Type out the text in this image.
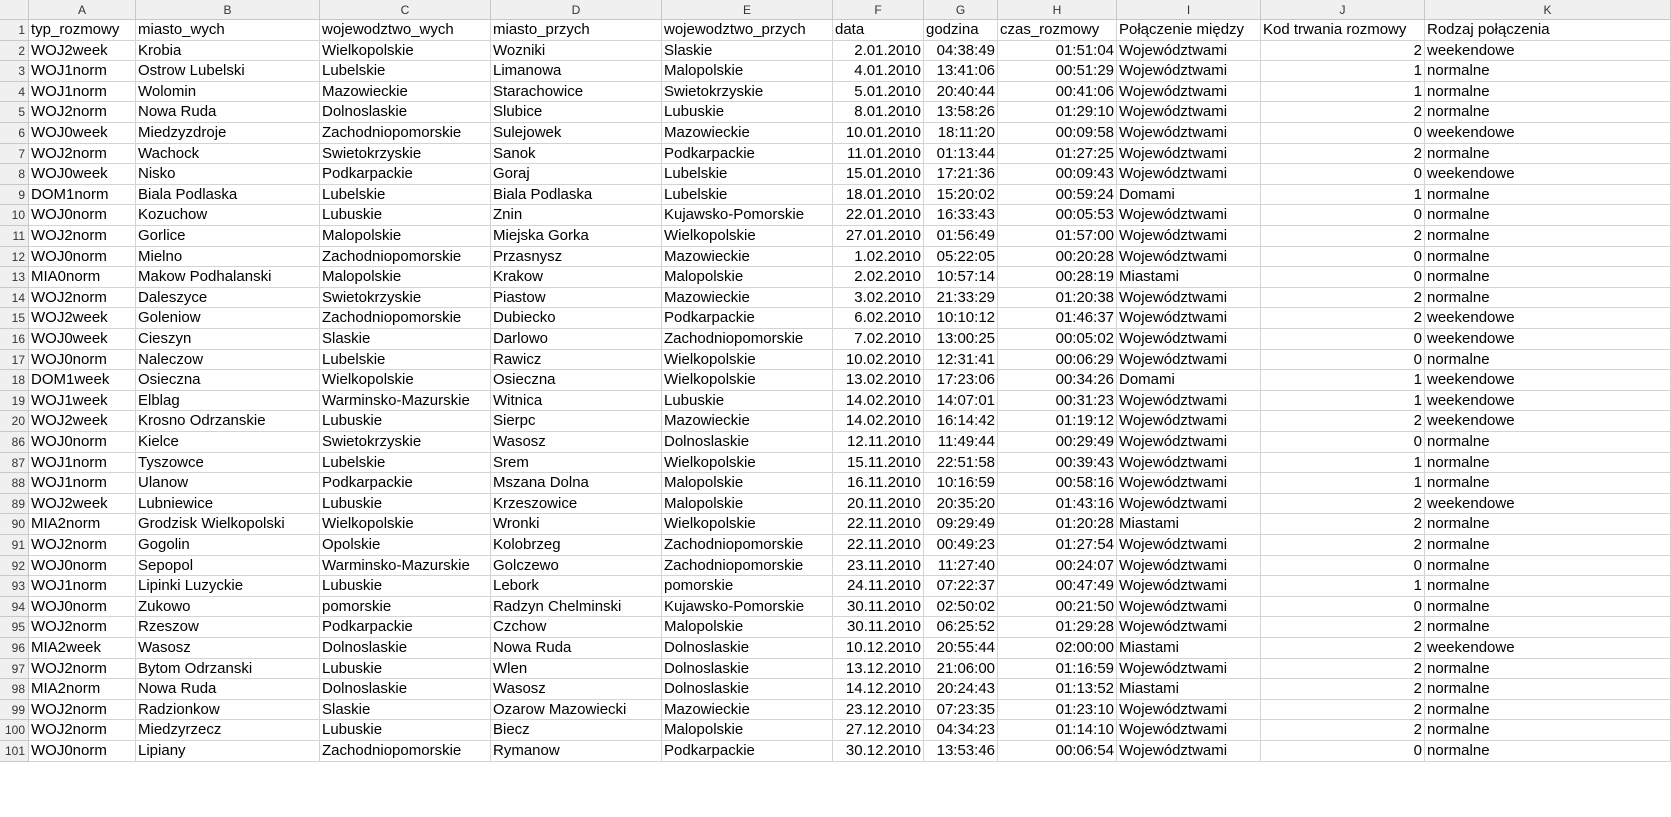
A	B	C	D	E	F	G	H	I	J	K
1 typ_rozmowy	miasto_wych	wojewodztwo_wych	miasto_przych	wojewodztwo_przych	data	godzina	czas_rozmowy	Połączenie między	Kod trwania rozmowy	Rodzaj połączenia
2 WOJ2week	Krobia	Wielkopolskie	Wozniki	Slaskie	2.01.2010	04:38:49	01:51:04 Województwami	2 weekendowe
3 WOJ1norm	Ostrow Lubelski	Lubelskie	Limanowa	Malopolskie	4.01.2010	13:41:06	00:51:29 Województwami	1 normalne
4 WOJ1norm	Wolomin	Mazowieckie	Starachowice	Swietokrzyskie	5.01.2010	20:40:44	00:41:06 Województwami	1 normalne
5 WOJ2norm	Nowa Ruda	Dolnoslaskie	Slubice	Lubuskie	8.01.2010	13:58:26	01:29:10 Województwami	2 normalne
6 WOJ0week	Miedzyzdroje	Zachodniopomorskie	Sulejowek	Mazowieckie	10.01.2010	18:11:20	00:09:58 Województwami	0 weekendowe
7 WOJ2norm	Wachock	Swietokrzyskie	Sanok	Podkarpackie	11.01.2010	01:13:44	01:27:25 Województwami	2 normalne
8 WOJ0week	Nisko	Podkarpackie	Goraj	Lubelskie	15.01.2010	17:21:36	00:09:43 Województwami	0 weekendowe
9 DOM1norm	Biala Podlaska	Lubelskie	Biala Podlaska	Lubelskie	18.01.2010	15:20:02	00:59:24 Domami	1 normalne
10 WOJ0norm	Kozuchow	Lubuskie	Znin	Kujawsko-Pomorskie	22.01.2010	16:33:43	00:05:53 Województwami	0 normalne
11 WOJ2norm	Gorlice	Malopolskie	Miejska Gorka	Wielkopolskie	27.01.2010	01:56:49	01:57:00 Województwami	2 normalne
12 WOJ0norm	Mielno	Zachodniopomorskie	Przasnysz	Mazowieckie	1.02.2010	05:22:05	00:20:28 Województwami	0 normalne
13 MIA0norm	Makow Podhalanski	Malopolskie	Krakow	Malopolskie	2.02.2010	10:57:14	00:28:19 Miastami	0 normalne
14 WOJ2norm	Daleszyce	Swietokrzyskie	Piastow	Mazowieckie	3.02.2010	21:33:29	01:20:38 Województwami	2 normalne
15 WOJ2week	Goleniow	Zachodniopomorskie	Dubiecko	Podkarpackie	6.02.2010	10:10:12	01:46:37 Województwami	2 weekendowe
16 WOJ0week	Cieszyn	Slaskie	Darlowo	Zachodniopomorskie	7.02.2010	13:00:25	00:05:02 Województwami	0 weekendowe
17 WOJ0norm	Naleczow	Lubelskie	Rawicz	Wielkopolskie	10.02.2010	12:31:41	00:06:29 Województwami	0 normalne
18 DOM1week	Osieczna	Wielkopolskie	Osieczna	Wielkopolskie	13.02.2010	17:23:06	00:34:26 Domami	1 weekendowe
19 WOJ1week	Elblag	Warminsko-Mazurskie	Witnica	Lubuskie	14.02.2010	14:07:01	00:31:23 Województwami	1 weekendowe
20 WOJ2week	Krosno Odrzanskie	Lubuskie	Sierpc	Mazowieckie	14.02.2010	16:14:42	01:19:12 Województwami	2 weekendowe
86 WOJ0norm	Kielce	Swietokrzyskie	Wasosz	Dolnoslaskie	12.11.2010	11:49:44	00:29:49 Województwami	0 normalne
87 WOJ1norm	Tyszowce	Lubelskie	Srem	Wielkopolskie	15.11.2010	22:51:58	00:39:43 Województwami	1 normalne
88 WOJ1norm	Ulanow	Podkarpackie	Mszana Dolna	Malopolskie	16.11.2010	10:16:59	00:58:16 Województwami	1 normalne
89 WOJ2week	Lubniewice	Lubuskie	Krzeszowice	Malopolskie	20.11.2010	20:35:20	01:43:16 Województwami	2 weekendowe
90 MIA2norm	Grodzisk Wielkopolski	Wielkopolskie	Wronki	Wielkopolskie	22.11.2010	09:29:49	01:20:28 Miastami	2 normalne
91 WOJ2norm	Gogolin	Opolskie	Kolobrzeg	Zachodniopomorskie	22.11.2010	00:49:23	01:27:54 Województwami	2 normalne
92 WOJ0norm	Sepopol	Warminsko-Mazurskie	Golczewo	Zachodniopomorskie	23.11.2010	11:27:40	00:24:07 Województwami	0 normalne
93 WOJ1norm	Lipinki Luzyckie	Lubuskie	Lebork	pomorskie	24.11.2010	07:22:37	00:47:49 Województwami	1 normalne
94 WOJ0norm	Zukowo	pomorskie	Radzyn Chelminski	Kujawsko-Pomorskie	30.11.2010	02:50:02	00:21:50 Województwami	0 normalne
95 WOJ2norm	Rzeszow	Podkarpackie	Czchow	Malopolskie	30.11.2010	06:25:52	01:29:28 Województwami	2 normalne
96 MIA2week	Wasosz	Dolnoslaskie	Nowa Ruda	Dolnoslaskie	10.12.2010	20:55:44	02:00:00 Miastami	2 weekendowe
97 WOJ2norm	Bytom Odrzanski	Lubuskie	Wlen	Dolnoslaskie	13.12.2010	21:06:00	01:16:59 Województwami	2 normalne
98 MIA2norm	Nowa Ruda	Dolnoslaskie	Wasosz	Dolnoslaskie	14.12.2010	20:24:43	01:13:52 Miastami	2 normalne
99 WOJ2norm	Radzionkow	Slaskie	Ozarow Mazowiecki	Mazowieckie	23.12.2010	07:23:35	01:23:10 Województwami	2 normalne
100 WOJ2norm	Miedzyrzecz	Lubuskie	Biecz	Malopolskie	27.12.2010	04:34:23	01:14:10 Województwami	2 normalne
101 WOJ0norm	Lipiany	Zachodniopomorskie	Rymanow	Podkarpackie	30.12.2010	13:53:46	00:06:54 Województwami	0 normalne
